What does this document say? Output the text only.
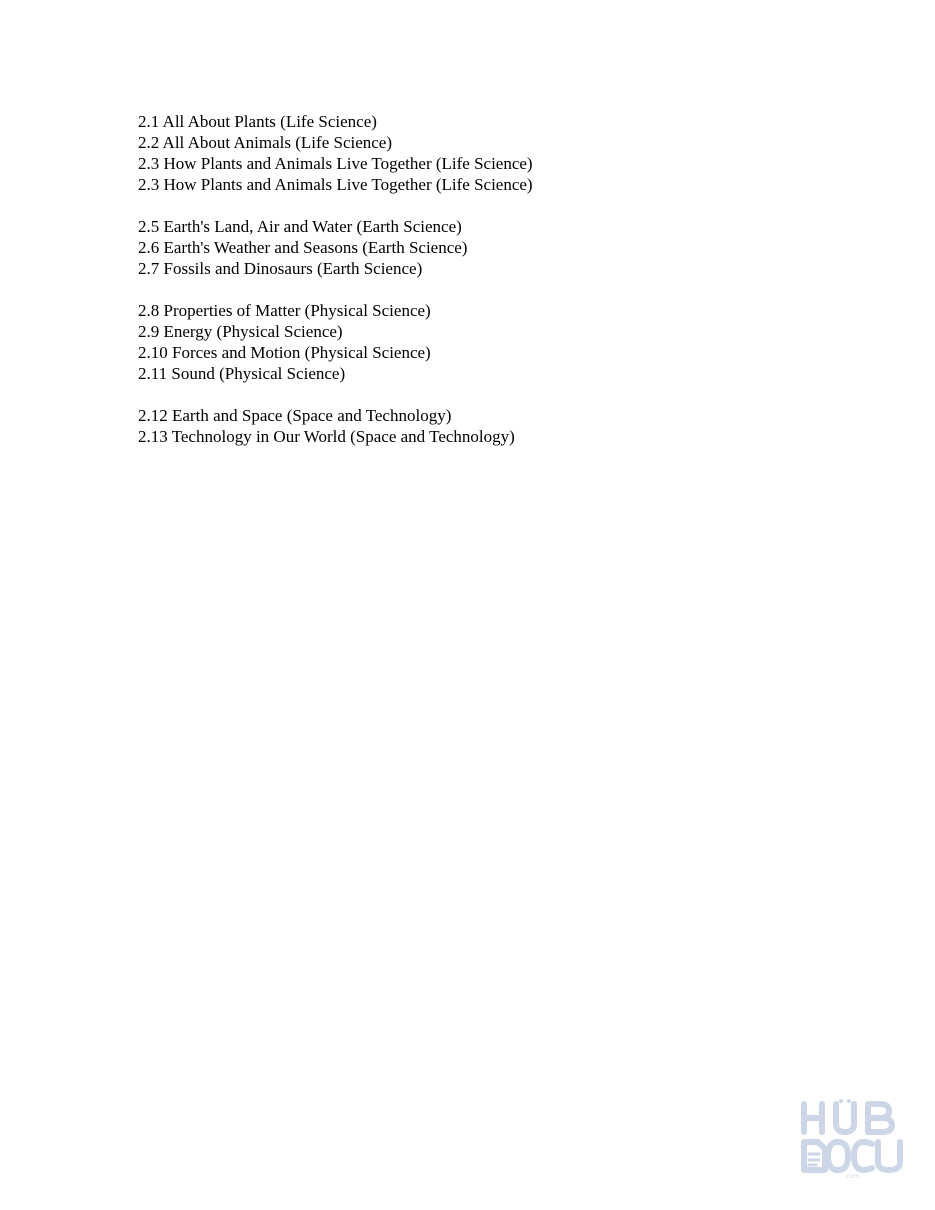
2.1 All About Plants (Life Science)
2.2 All About Animals (Life Science)
2.3 How Plants and Animals Live Together (Life Science)
2.3 How Plants and Animals Live Together (Life Science)
2.5 Earth's Land, Air and Water (Earth Science)
2.6 Earth's Weather and Seasons (Earth Science)
2.7 Fossils and Dinosaurs (Earth Science)
2.8 Properties of Matter (Physical Science)
2.9 Energy (Physical Science)
2.10 Forces and Motion (Physical Science)
2.11 Sound (Physical Science)
2.12 Earth and Space (Space and Technology)
2.13 Technology in Our World (Space and Technology)
.com
